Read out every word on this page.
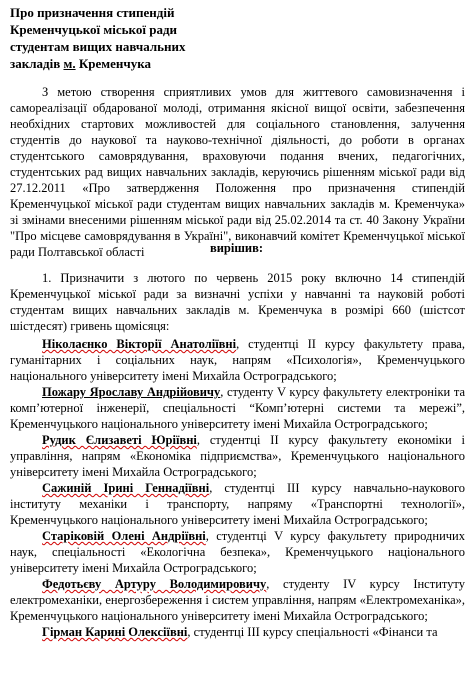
Про призначення стипендій
Кременчуцької міської ради
студентам вищих навчальних
закладів м. Кременчука
З метою створення сприятливих умов для життевого самовизначення і самореалізації обдарованої молоді, отримання якісної вищої освіти, забезпечення необхідних стартових можливостей для соціального становлення, залучення студентів до наукової та науково-технічної діяльності, до роботи в органах студентського самоврядування, враховуючи подання вчених, педагогічних, студентських рад вищих навчальних закладів, керуючись рішенням міської ради від 27.12.2011 «Про затвердження Положення про призначення стипендій Кременчуцької міської ради студентам вищих навчальних закладів м. Кременчука» зі змінами внесеними рішенням міської ради від 25.02.2014 та ст. 40 Закону України "Про місцеве самоврядування в Україні", виконавчий комітет Кременчуцької міської ради Полтавської області	вирішив:
1. Призначити з лютого по червень 2015 року включно 14 стипендій Кременчуцької міської ради за визначні успіхи у навчанні та науковій роботі студентам вищих навчальних закладів м. Кременчука в розмірі 660 (шістсот шістдесят) гривень щомісяця:

Ніколаєнко Вікторії Анатоліївні, студентці ІІ курсу факультету права, гуманітарних і соціальних наук, напрям «Психологія», Кременчуцького національного університету імені Михайла Остроградського;

Пожару Ярославу Андрійовичу, студенту V курсу факультету електроніки та комп’ютерної інженерії, спеціальності “Комп’ютерні системи та мережі”, Кременчуцького національного університету імені Михайла Остроградського;

Рудик Єлизаветі Юріївні, студентці ІІ курсу факультету економіки і управління, напрям «Економіка підприємства», Кременчуцького національного університету імені Михайла Остроградського;

Сажиній Ірині Геннадіївні, студентці ІІІ курсу навчально-наукового інституту механіки і транспорту, напряму «Транспортні технології», Кременчуцького національного університету імені Михайла Остроградського;

Старіковій Олені Андріївні, студентці V курсу факультету природничих наук, спеціальності «Екологічна безпека», Кременчуцького національного університету імені Михайла Остроградського;

Федотьєву Артуру Володимировичу, студенту IV курсу Інституту електромеханіки, енергозбереження і систем управління, напрям «Електромеханіка», Кременчуцького національного університету імені Михайла Остроградського;

Гірман Карині Олексіївні, студентці ІІІ курсу спеціальності «Фінанси та
